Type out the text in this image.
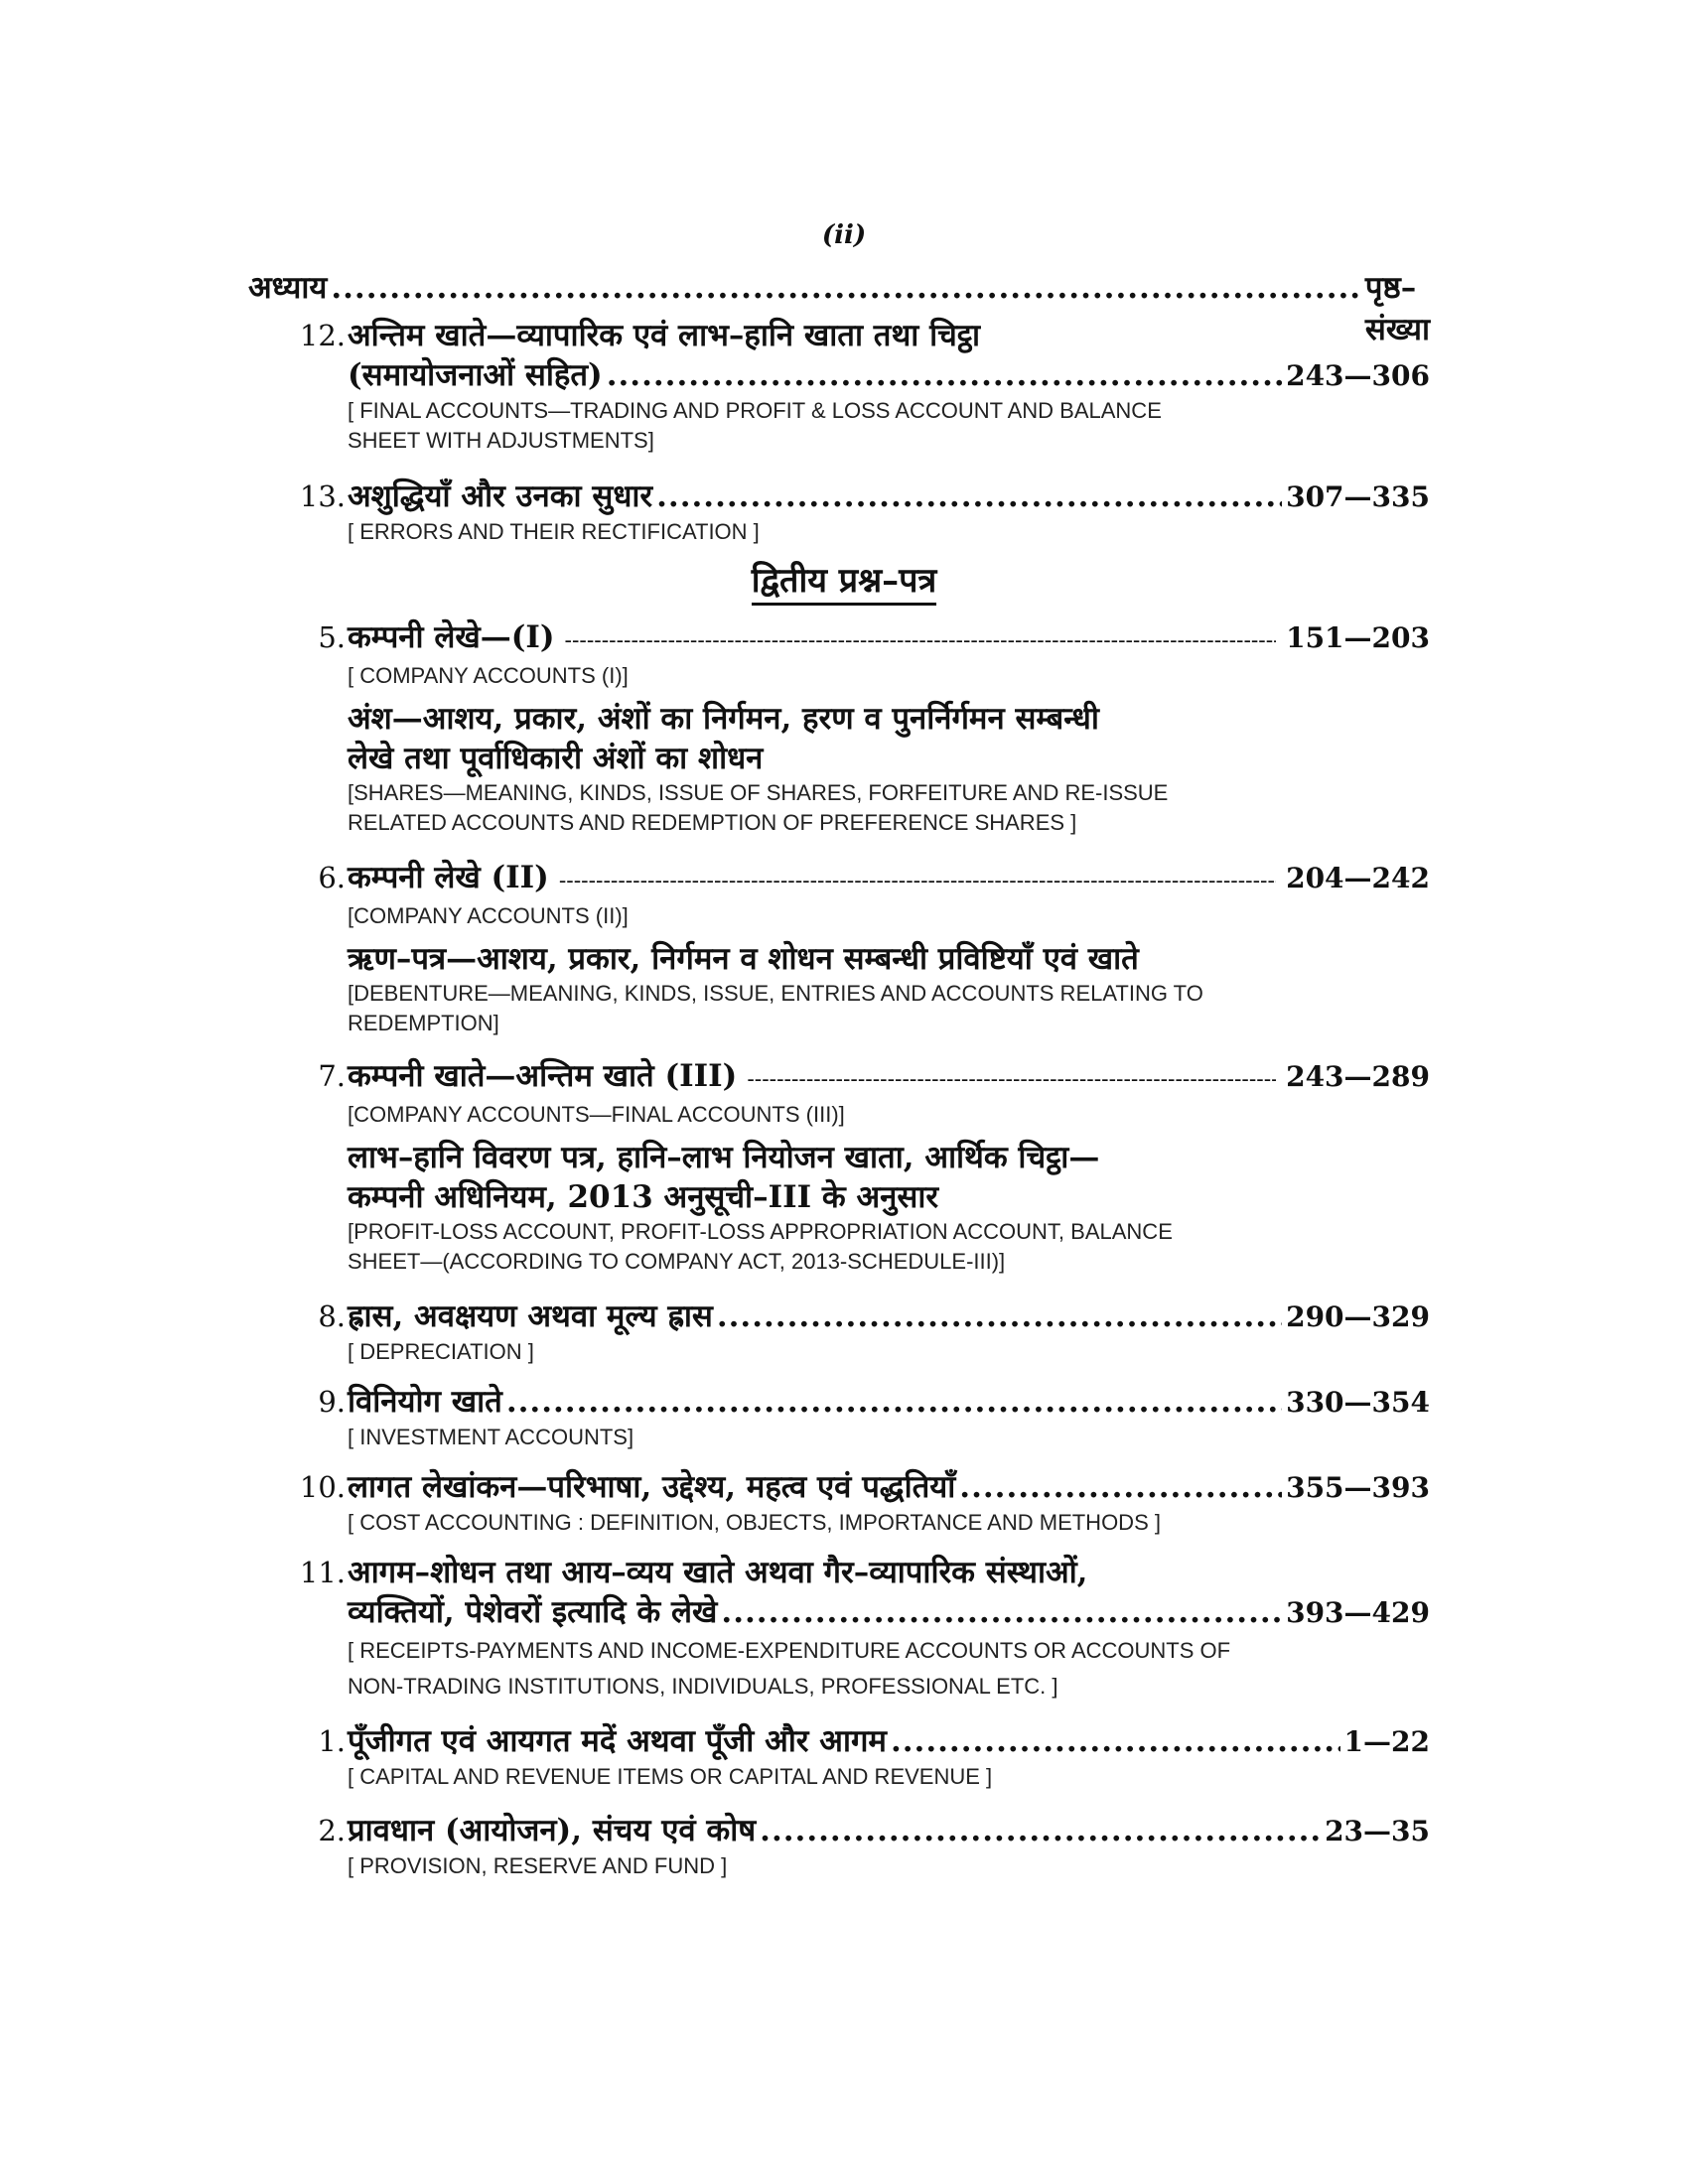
(ii)
अध्याय .....	पृष्ठ–संख्या
12. अन्तिम खाते—व्यापारिक एवं लाभ–हानि खाता तथा चिट्ठा
(समायोजनाओं सहित) .....	243—306
[ FINAL ACCOUNTS—TRADING AND PROFIT & LOSS ACCOUNT AND BALANCE
SHEET WITH ADJUSTMENTS]
13. अशुद्धियाँ और उनका सुधार .....	307—335
[ ERRORS AND THEIR RECTIFICATION ]
द्वितीय प्रश्न–पत्र
5. कम्पनी लेखे—(I) -----	151—203
[ COMPANY ACCOUNTS (I)]
अंश—आशय, प्रकार, अंशों का निर्गमन, हरण व पुनर्निर्गमन सम्बन्धी
लेखे तथा पूर्वाधिकारी अंशों का शोधन
[SHARES—MEANING, KINDS, ISSUE OF SHARES, FORFEITURE AND RE-ISSUE
RELATED ACCOUNTS AND REDEMPTION OF PREFERENCE SHARES ]
6. कम्पनी लेखे (II) -----	204—242
[COMPANY ACCOUNTS (II)]
ऋण–पत्र—आशय, प्रकार, निर्गमन व शोधन सम्बन्धी प्रविष्टियाँ एवं खाते
[DEBENTURE—MEANING, KINDS, ISSUE, ENTRIES AND ACCOUNTS RELATING TO
REDEMPTION]
7. कम्पनी खाते—अन्तिम खाते (III) -----	243—289
[COMPANY ACCOUNTS—FINAL ACCOUNTS (III)]
लाभ–हानि विवरण पत्र, हानि–लाभ नियोजन खाता, आर्थिक चिट्ठा—
कम्पनी अधिनियम, 2013 अनुसूची–III के अनुसार
[PROFIT-LOSS ACCOUNT, PROFIT-LOSS APPROPRIATION ACCOUNT, BALANCE
SHEET—(ACCORDING TO COMPANY ACT, 2013-SCHEDULE-III)]
8. ह्रास, अवक्षयण अथवा मूल्य ह्रास .....	290—329
[ DEPRECIATION ]
9. विनियोग खाते .....	330—354
[ INVESTMENT ACCOUNTS]
10. लागत लेखांकन—परिभाषा, उद्देश्य, महत्व एवं पद्धतियाँ .....	355—393
[ COST ACCOUNTING : DEFINITION, OBJECTS, IMPORTANCE AND METHODS ]
11. आगम–शोधन तथा आय–व्यय खाते अथवा गैर–व्यापारिक संस्थाओं,
व्यक्तियों, पेशेवरों इत्यादि के लेखे .....	393—429
[ RECEIPTS-PAYMENTS AND INCOME-EXPENDITURE ACCOUNTS OR ACCOUNTS OF
NON-TRADING INSTITUTIONS, INDIVIDUALS, PROFESSIONAL ETC. ]
1. पूँजीगत एवं आयगत मदें अथवा पूँजी और आगम .....	1—22
[ CAPITAL AND REVENUE ITEMS OR CAPITAL AND REVENUE ]
2. प्रावधान (आयोजन), संचय एवं कोष .....	23—35
[ PROVISION, RESERVE AND FUND ]
